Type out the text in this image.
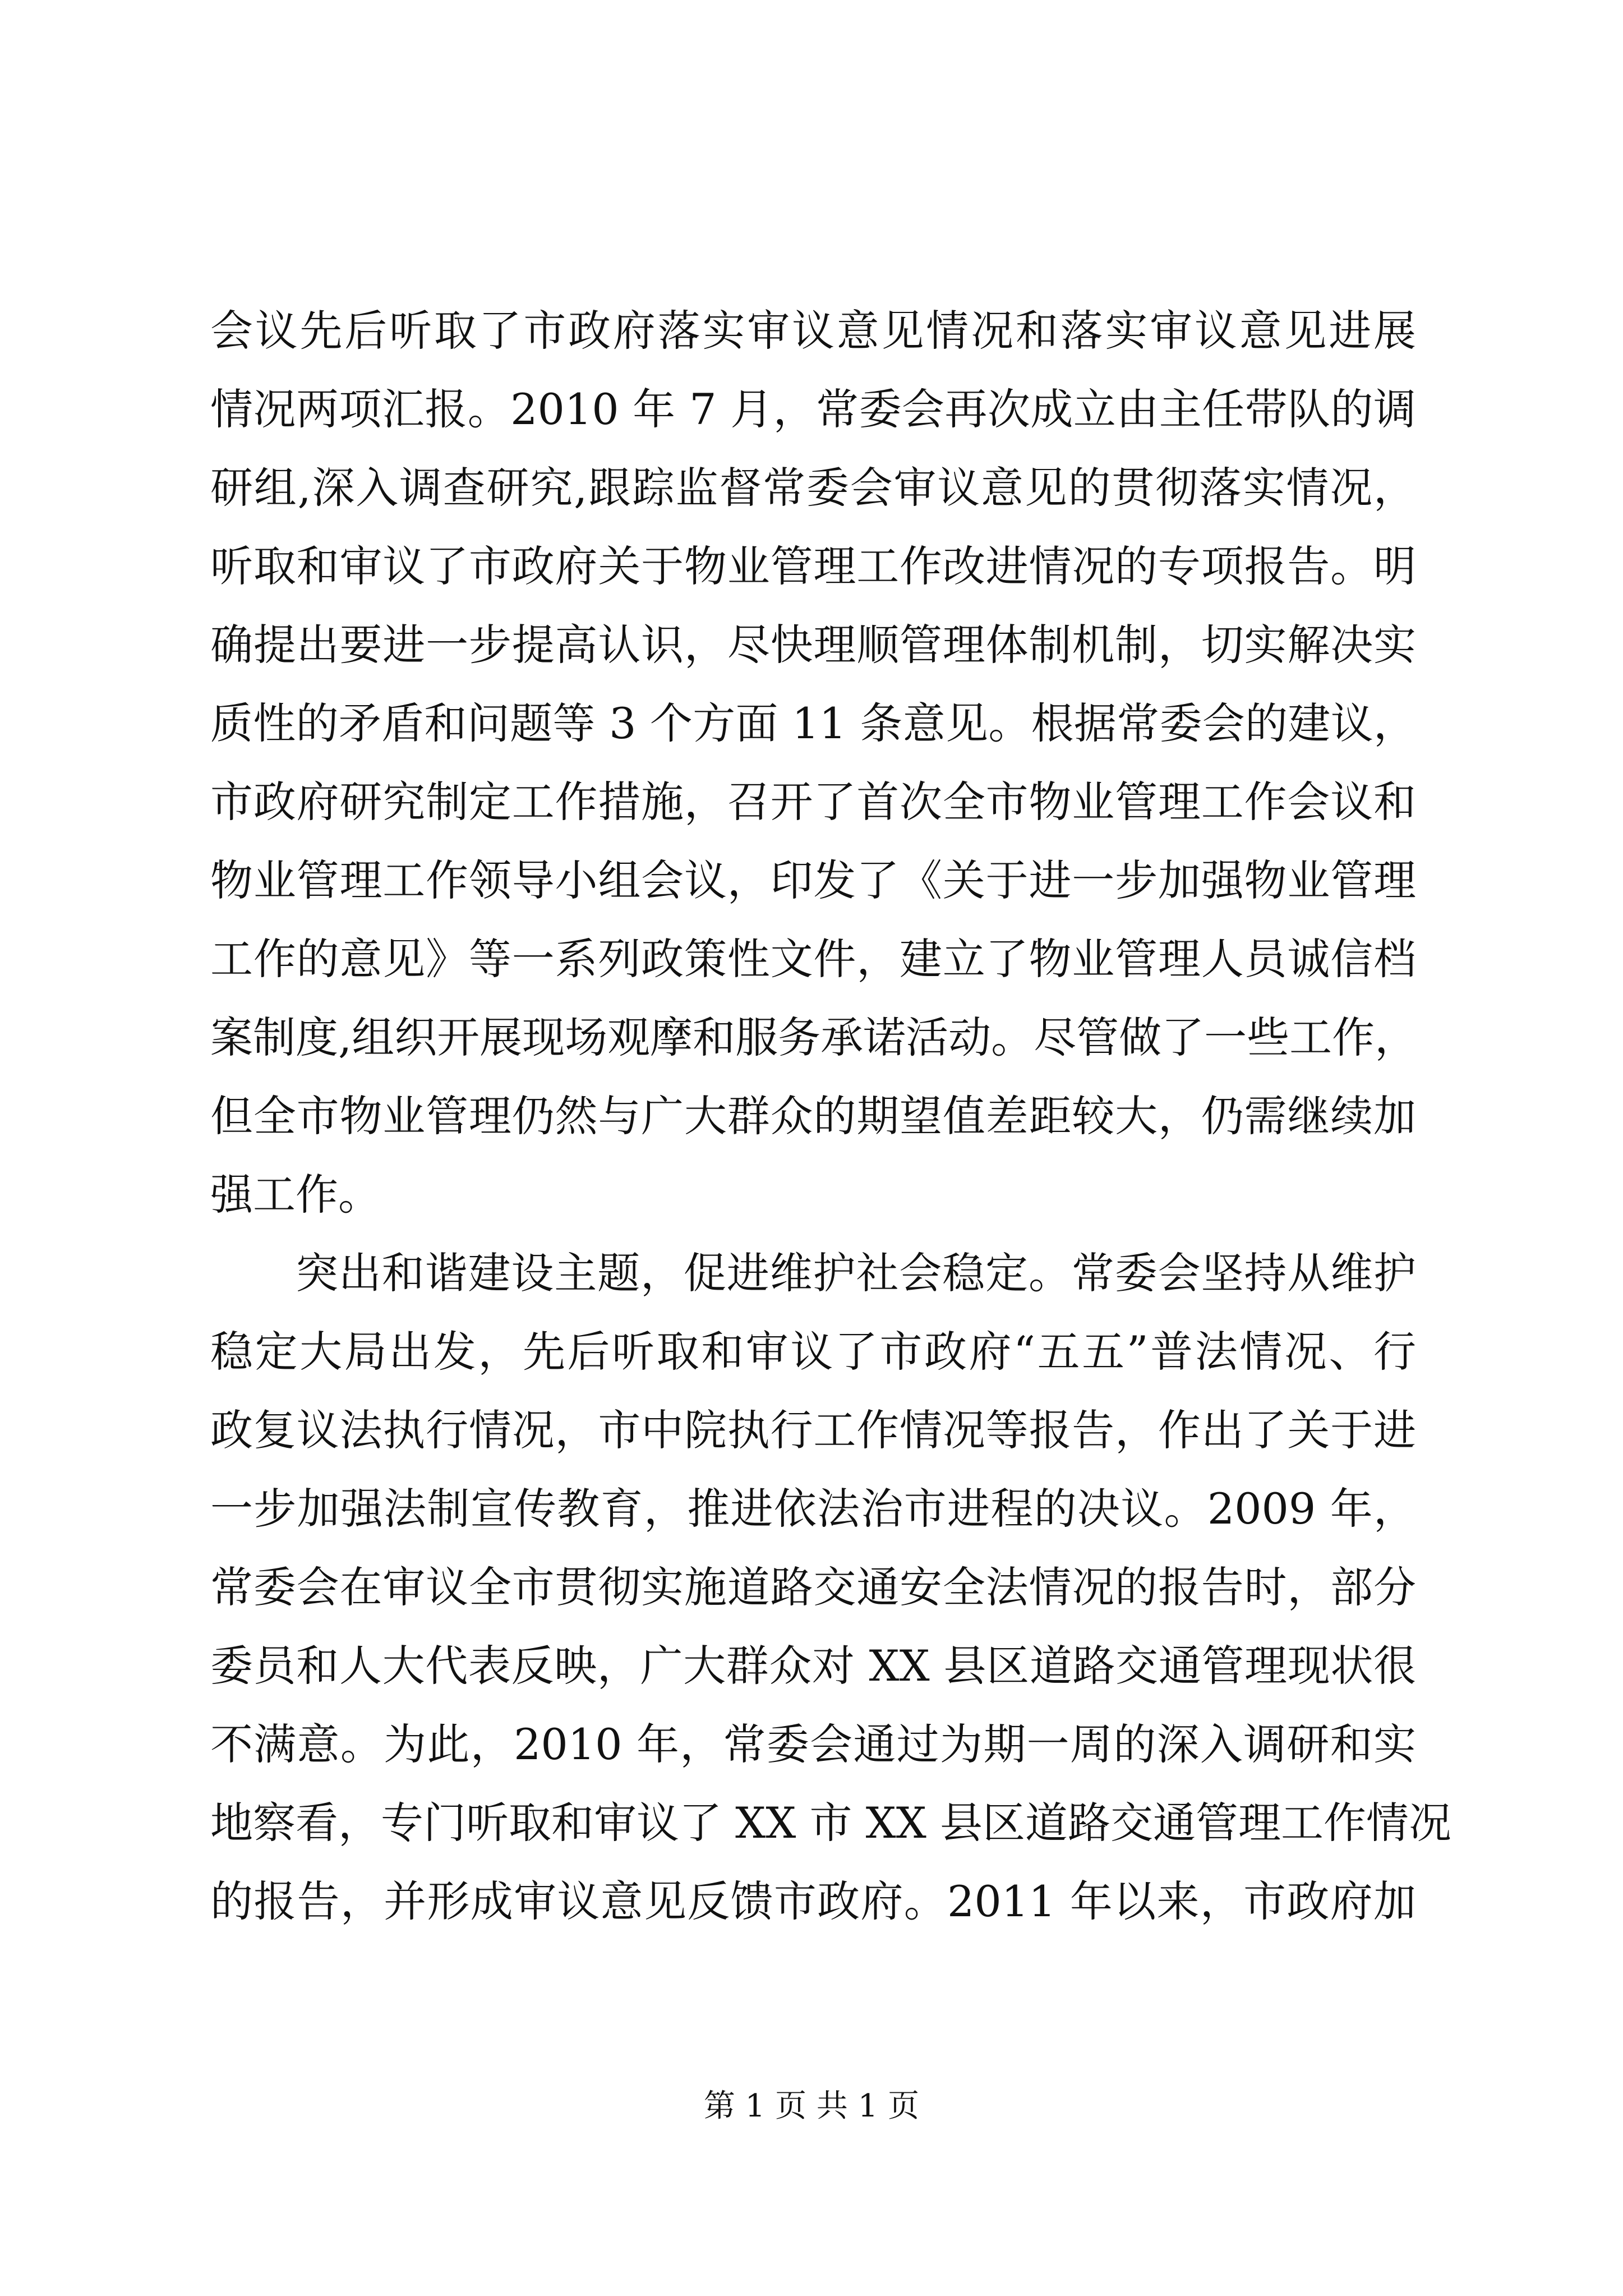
会议先后听取了市政府落实审议意见情况和落实审议意见进展
情况两项汇报。2010 年 7 月，常委会再次成立由主任带队的调
研组,深入调查研究,跟踪监督常委会审议意见的贯彻落实情况，
听取和审议了市政府关于物业管理工作改进情况的专项报告。明
确提出要进一步提高认识，尽快理顺管理体制机制，切实解决实
质性的矛盾和问题等 3 个方面 11 条意见。根据常委会的建议，
市政府研究制定工作措施，召开了首次全市物业管理工作会议和
物业管理工作领导小组会议，印发了《关于进一步加强物业管理
工作的意见》等一系列政策性文件，建立了物业管理人员诚信档
案制度,组织开展现场观摩和服务承诺活动。尽管做了一些工作，
但全市物业管理仍然与广大群众的期望值差距较大，仍需继续加
强工作。
突出和谐建设主题，促进维护社会稳定。常委会坚持从维护
稳定大局出发，先后听取和审议了市政府“五五”普法情况、行
政复议法执行情况，市中院执行工作情况等报告，作出了关于进
一步加强法制宣传教育，推进依法治市进程的决议。2009 年，
常委会在审议全市贯彻实施道路交通安全法情况的报告时，部分
委员和人大代表反映，广大群众对 XX 县区道路交通管理现状很
不满意。为此，2010 年，常委会通过为期一周的深入调研和实
地察看，专门听取和审议了 XX 市 XX 县区道路交通管理工作情况
的报告，并形成审议意见反馈市政府。2011 年以来，市政府加
第 1 页 共 1 页
